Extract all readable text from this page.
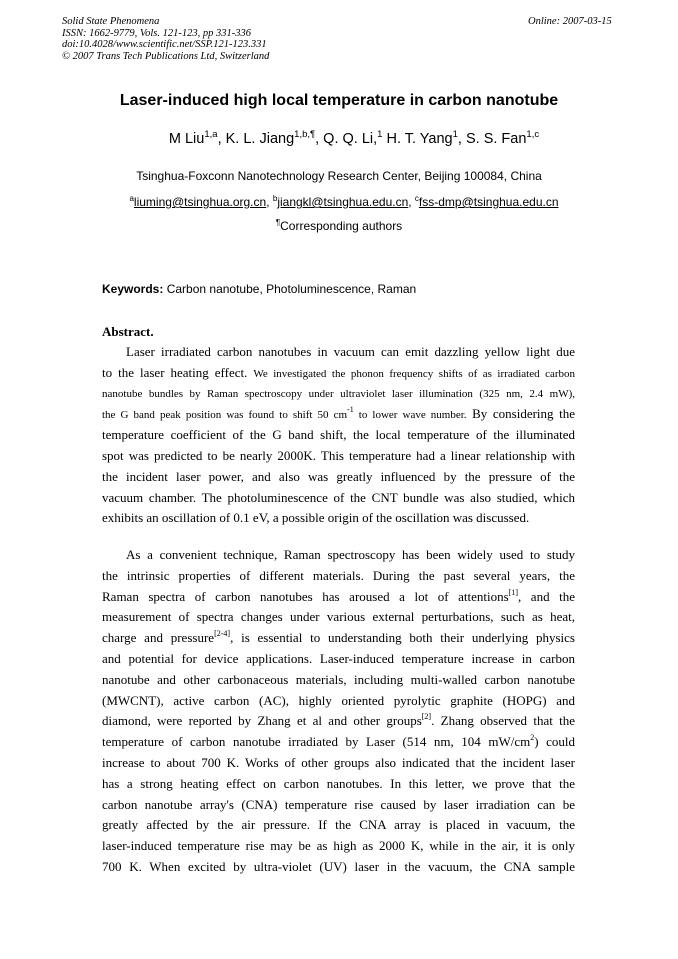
Solid State Phenomena
ISSN: 1662-9779, Vols. 121-123, pp 331-336
doi:10.4028/www.scientific.net/SSP.121-123.331
© 2007 Trans Tech Publications Ltd, Switzerland
Online: 2007-03-15
Laser-induced high local temperature in carbon nanotube
M Liu$^{1,a}$, K. L. Jiang$^{1,b,\P}$, Q. Q. Li,$^1$ H. T. Yang$^1$, S. S. Fan$^{1,c}$
Tsinghua-Foxconn Nanotechnology Research Center, Beijing 100084, China
$^a$liuming@tsinghua.org.cn, $^b$jiangkl@tsinghua.edu.cn, $^c$fss-dmp@tsinghua.edu.cn
¶Corresponding authors
Keywords: Carbon nanotube, Photoluminescence, Raman
Abstract.
Laser irradiated carbon nanotubes in vacuum can emit dazzling yellow light due
to the laser heating effect. We investigated the phonon frequency shifts of as irradiated carbon
nanotube bundles by Raman spectroscopy under ultraviolet laser illumination (325 nm, 2.4 mW),
the G band peak position was found to shift 50 $cm^{-1}$ to lower wave number. By considering the
temperature coefficient of the G band shift, the local temperature of the illuminated
spot was predicted to be nearly 2000K. This temperature had a linear relationship with
the incident laser power, and also was greatly influenced by the pressure of the
vacuum chamber. The photoluminescence of the CNT bundle was also studied, which
exhibits an oscillation of 0.1 eV, a possible origin of the oscillation was discussed.
As a convenient technique, Raman spectroscopy has been widely used to study
the intrinsic properties of different materials. During the past several years, the
Raman spectra of carbon nanotubes has aroused a lot of attentions[1], and the
measurement of spectra changes under various external perturbations, such as heat,
charge and pressure[2-4], is essential to understanding both their underlying physics
and potential for device applications. Laser-induced temperature increase in carbon
nanotube and other carbonaceous materials, including multi-walled carbon nanotube
(MWCNT), active carbon (AC), highly oriented pyrolytic graphite (HOPG) and
diamond, were reported by Zhang et al and other groups[2]. Zhang observed that the
temperature of carbon nanotube irradiated by Laser (514 nm, 104 $mW/cm^2$) could
increase to about 700 K. Works of other groups also indicated that the incident laser
has a strong heating effect on carbon nanotubes. In this letter, we prove that the
carbon nanotube array's (CNA) temperature rise caused by laser irradiation can be
greatly affected by the air pressure. If the CNA array is placed in vacuum, the
laser-induced temperature rise may be as high as 2000 K, while in the air, it is only
700 K. When excited by ultra-violet (UV) laser in the vacuum, the CNA sample
